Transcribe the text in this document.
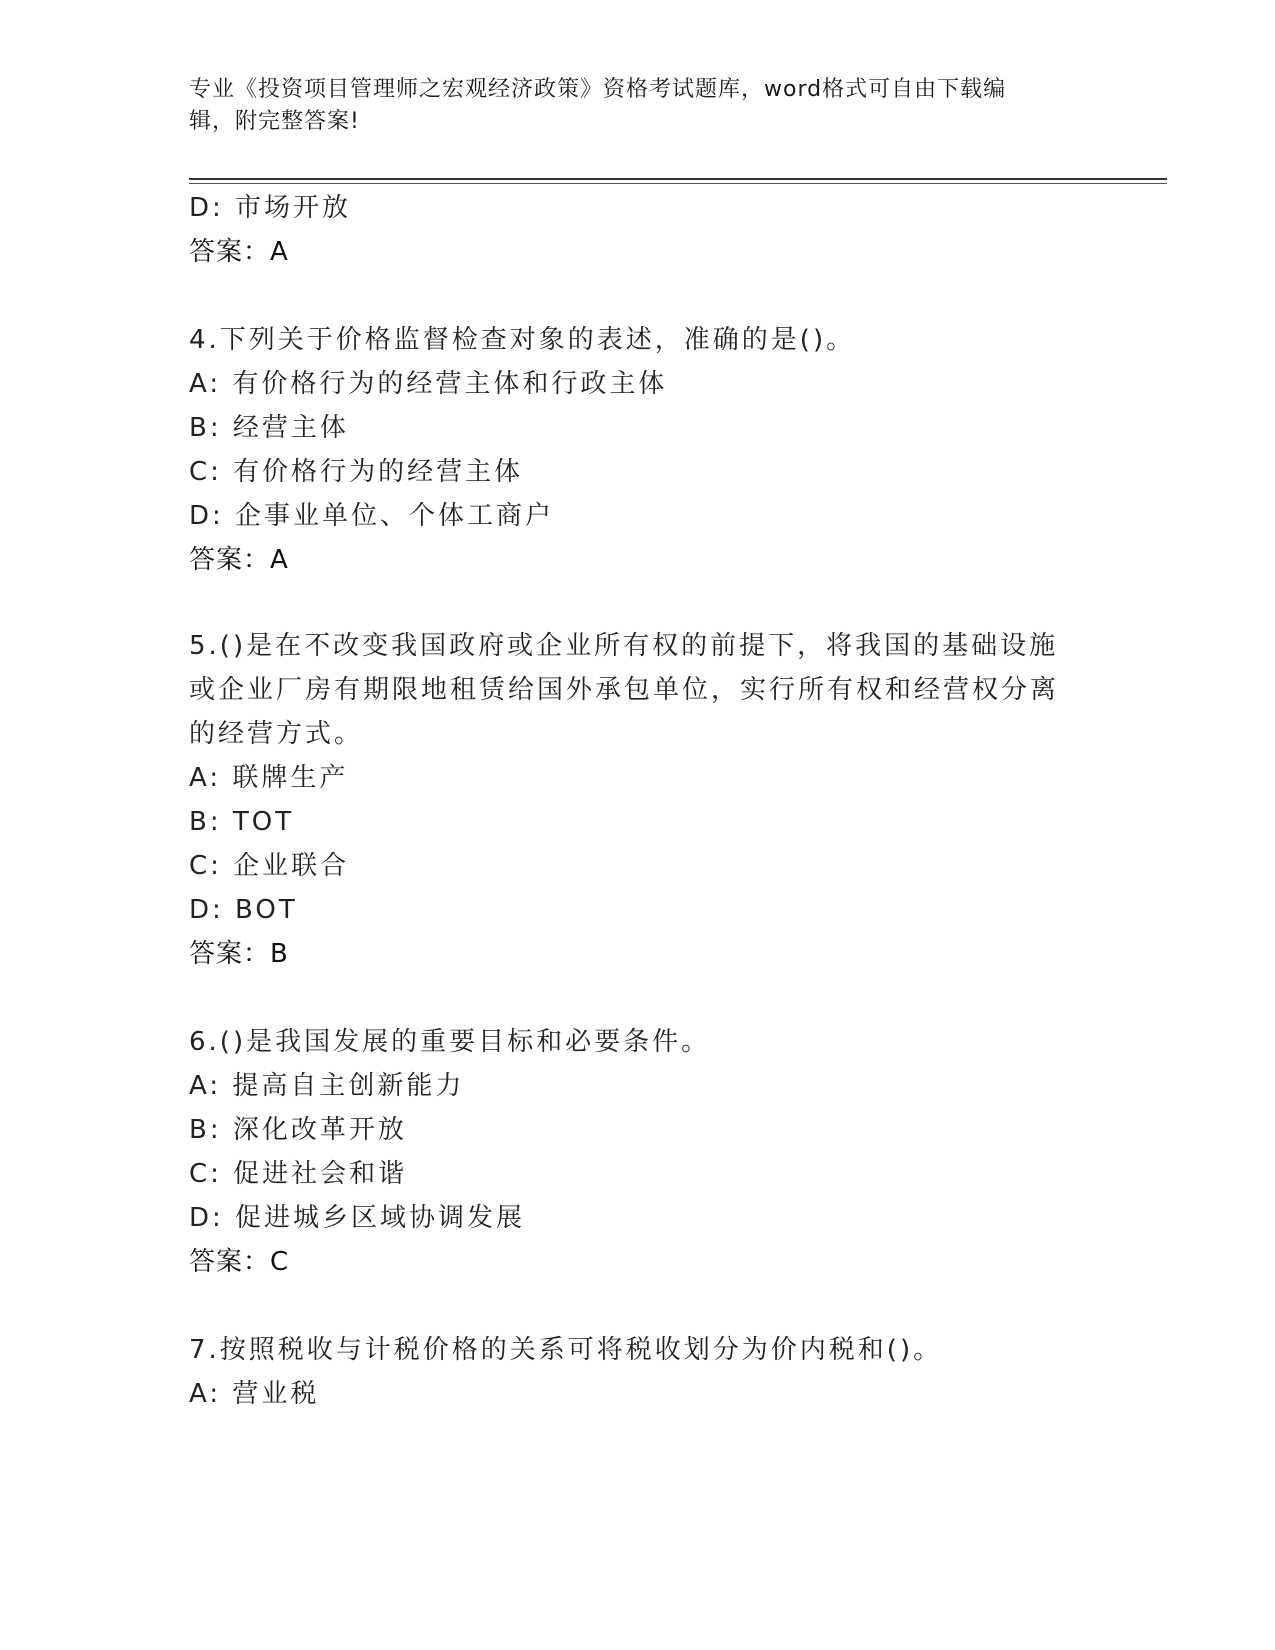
专业《投资项目管理师之宏观经济政策》资格考试题库，word格式可自由下载编
辑，附完整答案!
D: 市场开放
答案：A
4.下列关于价格监督检查对象的表述，准确的是()。
A: 有价格行为的经营主体和行政主体
B: 经营主体
C: 有价格行为的经营主体
D: 企事业单位、个体工商户
答案：A
5.()是在不改变我国政府或企业所有权的前提下，将我国的基础设施
或企业厂房有期限地租赁给国外承包单位，实行所有权和经营权分离
的经营方式。
A: 联牌生产
B: TOT
C: 企业联合
D: BOT
答案：B
6.()是我国发展的重要目标和必要条件。
A: 提高自主创新能力
B: 深化改革开放
C: 促进社会和谐
D: 促进城乡区域协调发展
答案：C
7.按照税收与计税价格的关系可将税收划分为价内税和()。
A: 营业税
